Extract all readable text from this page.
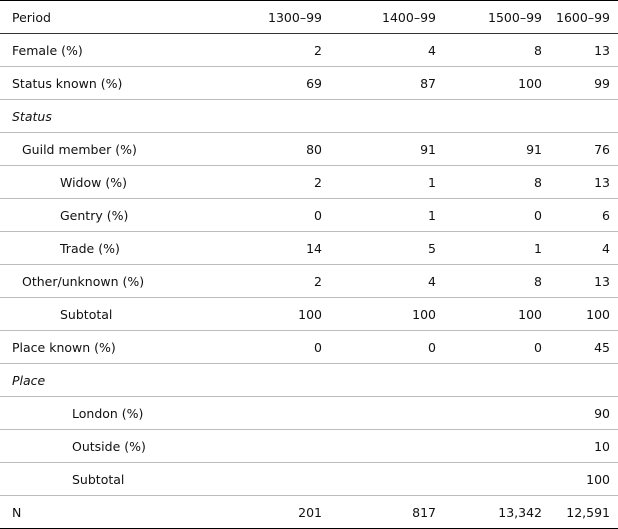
Period	1300–99	1400–99	1500–99	1600–99
Female (%)	2	4	8	13
Status known (%)	69	87	100	99
Status				
Guild member (%)	80	91	91	76
Widow (%)	2	1	8	13
Gentry (%)	0	1	0	6
Trade (%)	14	5	1	4
Other/unknown (%)	2	4	8	13
Subtotal	100	100	100	100
Place known (%)	0	0	0	45
Place				
London (%)				90
Outside (%)				10
Subtotal				100
N	201	817	13,342	12,591
